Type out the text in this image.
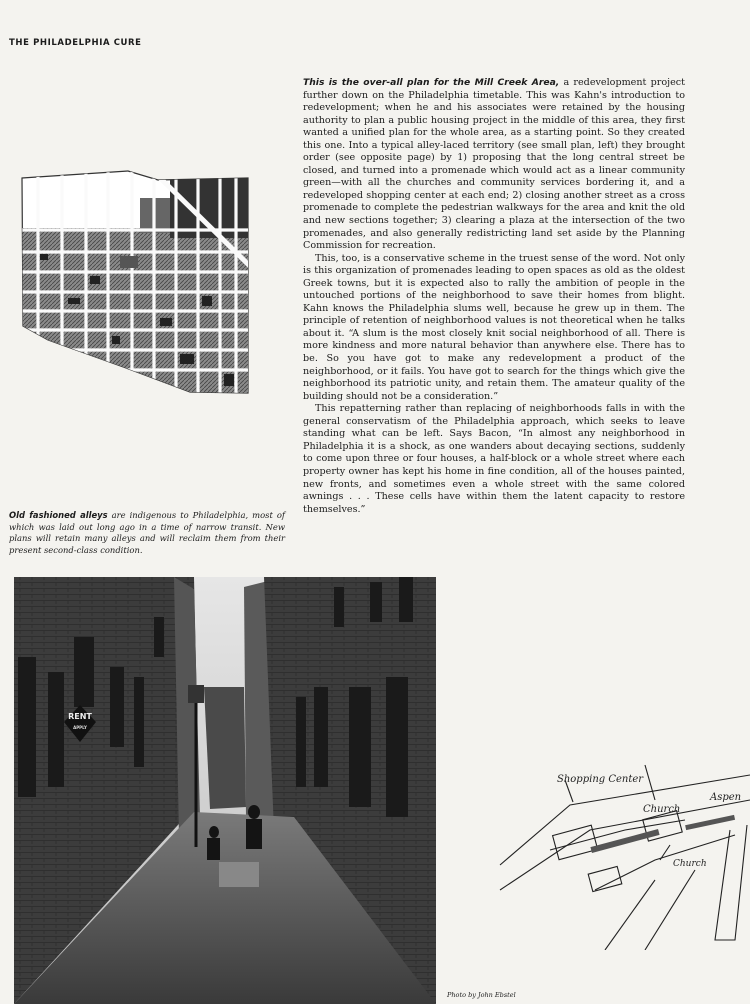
THE PHILADELPHIA CURE

This is the over-all plan for the Mill Creek Area, a redevelopment project further down on the Philadelphia timetable. This was Kahn's introduction to redevelopment; when he and his associates were retained by the housing authority to plan a public housing project in the middle of this area, they first wanted a unified plan for the whole area, as a starting point. So they created this one. Into a typical alley-laced territory (see small plan, left) they brought order (see opposite page) by 1) proposing that the long central street be closed, and turned into a promenade which would act as a linear community green—with all the churches and community services bordering it, and a redeveloped shopping center at each end; 2) closing another street as a cross promenade to complete the pedestrian walkways for the area and knit the old and new sections together; 3) clearing a plaza at the intersection of the two promenades, and also generally redistricting land set aside by the Planning Commission for recreation.

This, too, is a conservative scheme in the truest sense of the word. Not only is this organization of promenades leading to open spaces as old as the oldest Greek towns, but it is expected also to rally the ambition of people in the untouched portions of the neighborhood to save their homes from blight. Kahn knows the Philadelphia slums well, because he grew up in them. The principle of retention of neighborhood values is not theoretical when he talks about it. “A slum is the most closely knit social neighborhood of all. There is more kindness and more natural behavior than anywhere else. There has to be. So you have got to make any redevelopment a product of the neighborhood, or it fails. You have got to search for the things which give the neighborhood its patriotic unity, and retain them. The amateur quality of the building should not be a consideration.”

This repatterning rather than replacing of neighborhoods falls in with the general conservatism of the Philadelphia approach, which seeks to leave standing what can be left. Says Bacon, “In almost any neighborhood in Philadelphia it is a shock, as one wanders about decaying sections, suddenly to come upon three or four houses, a half-block or a whole street where each property owner has kept his home in fine condition, all of the houses painted, new fronts, and sometimes even a whole street with the same colored awnings . . . These cells have within them the latent capacity to restore themselves.”

Old fashioned alleys are indigenous to Philadelphia, most of which was laid out long ago in a time of narrow transit. New plans will retain many alleys and will reclaim them from their present second-class condition.
RENT
APPLY
Shopping Center
Church
Aspen
Church
Photo by John Ebstel
